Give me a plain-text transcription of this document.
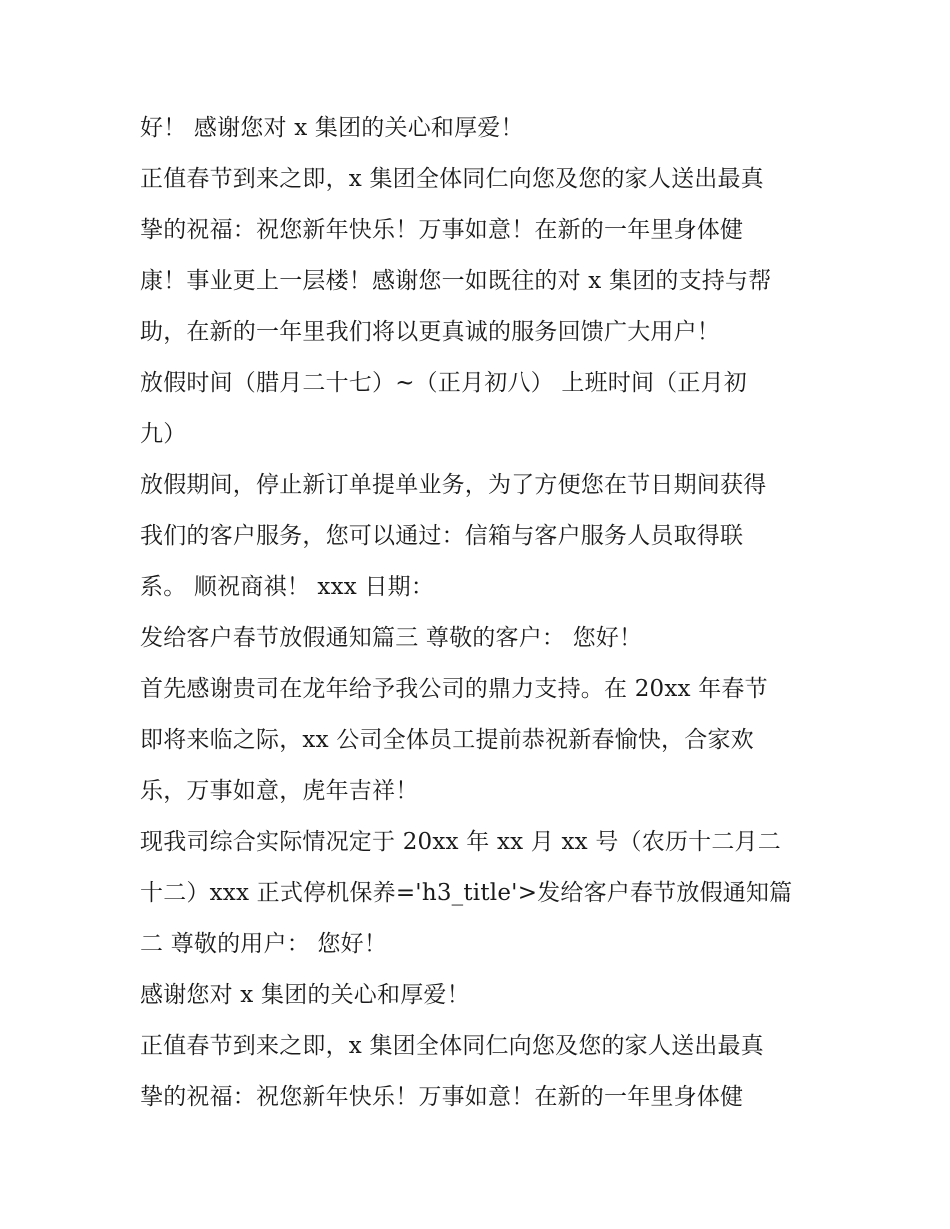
好！ 感谢您对 x 集团的关心和厚爱！

正值春节到来之即，x 集团全体同仁向您及您的家人送出最真

挚的祝福：祝您新年快乐！万事如意！在新的一年里身体健

康！事业更上一层楼！感谢您一如既往的对 x 集团的支持与帮

助，在新的一年里我们将以更真诚的服务回馈广大用户！

放假时间（腊月二十七）~（正月初八） 上班时间（正月初

九）

放假期间，停止新订单提单业务，为了方便您在节日期间获得

我们的客户服务，您可以通过：信箱与客户服务人员取得联

系。 顺祝商祺！ xxx 日期：

发给客户春节放假通知篇三 尊敬的客户： 您好！

首先感谢贵司在龙年给予我公司的鼎力支持。在 20xx 年春节

即将来临之际，xx 公司全体员工提前恭祝新春愉快，合家欢

乐，万事如意，虎年吉祥！

现我司综合实际情况定于 20xx 年 xx 月 xx 号（农历十二月二

十二）xxx 正式停机保养='h3_title'>发给客户春节放假通知篇

二 尊敬的用户： 您好！

感谢您对 x 集团的关心和厚爱！

正值春节到来之即，x 集团全体同仁向您及您的家人送出最真

挚的祝福：祝您新年快乐！万事如意！在新的一年里身体健
